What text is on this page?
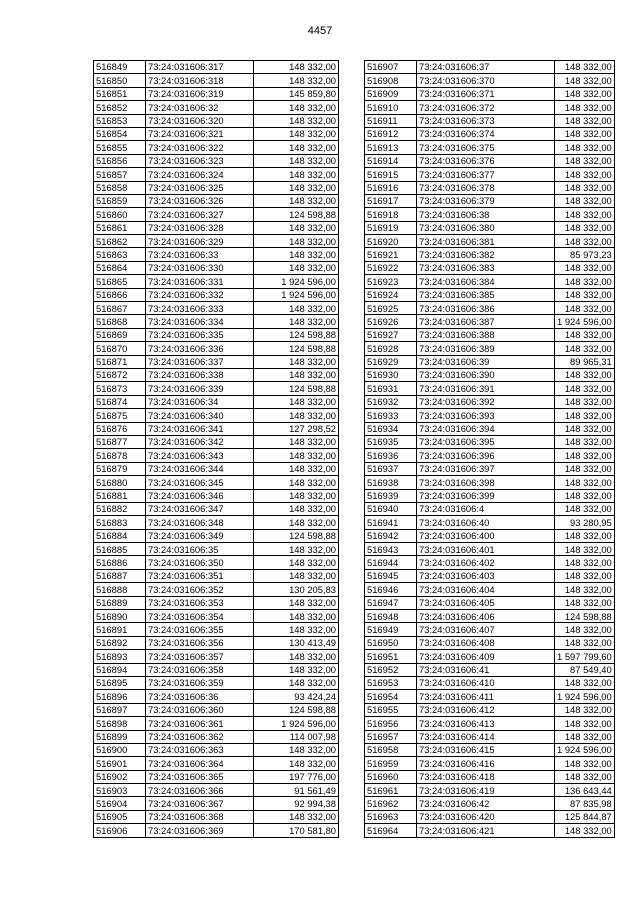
4457
516849	73:24:031606:317	148 332,00
516850	73:24:031606:318	148 332,00
516851	73:24:031606:319	145 859,80
516852	73:24:031606:32	148 332,00
516853	73:24:031606:320	148 332,00
516854	73:24:031606:321	148 332,00
516855	73:24:031606:322	148 332,00
516856	73:24:031606:323	148 332,00
516857	73:24:031606:324	148 332,00
516858	73:24:031606:325	148 332,00
516859	73:24:031606:326	148 332,00
516860	73:24:031606:327	124 598,88
516861	73:24:031606:328	148 332,00
516862	73:24:031606:329	148 332,00
516863	73:24:031606:33	148 332,00
516864	73:24:031606:330	148 332,00
516865	73:24:031606:331	1 924 596,00
516866	73:24:031606:332	1 924 596,00
516867	73:24:031606:333	148 332,00
516868	73:24:031606:334	148 332,00
516869	73:24:031606:335	124 598,88
516870	73:24:031606:336	124 598,88
516871	73:24:031606:337	148 332,00
516872	73:24:031606:338	148 332,00
516873	73:24:031606:339	124 598,88
516874	73:24:031606:34	148 332,00
516875	73:24:031606:340	148 332,00
516876	73:24:031606:341	127 298,52
516877	73:24:031606:342	148 332,00
516878	73:24:031606:343	148 332,00
516879	73:24:031606:344	148 332,00
516880	73:24:031606:345	148 332,00
516881	73:24:031606:346	148 332,00
516882	73:24:031606:347	148 332,00
516883	73:24:031606:348	148 332,00
516884	73:24:031606:349	124 598,88
516885	73:24:031606:35	148 332,00
516886	73:24:031606:350	148 332,00
516887	73:24:031606:351	148 332,00
516888	73:24:031606:352	130 205,83
516889	73:24:031606:353	148 332,00
516890	73:24:031606:354	148 332,00
516891	73:24:031606:355	148 332,00
516892	73:24:031606:356	130 413,49
516893	73:24:031606:357	148 332,00
516894	73:24:031606:358	148 332,00
516895	73:24:031606:359	148 332,00
516896	73:24:031606:36	93 424,24
516897	73:24:031606:360	124 598,88
516898	73:24:031606:361	1 924 596,00
516899	73:24:031606:362	114 007,98
516900	73:24:031606:363	148 332,00
516901	73:24:031606:364	148 332,00
516902	73:24:031606:365	197 776,00
516903	73:24:031606:366	91 561,49
516904	73:24:031606:367	92 994,38
516905	73:24:031606:368	148 332,00
516906	73:24:031606:369	170 581,80
516907	73:24:031606:37	148 332,00
516908	73:24:031606:370	148 332,00
516909	73:24:031606:371	148 332,00
516910	73:24:031606:372	148 332,00
516911	73:24:031606:373	148 332,00
516912	73:24:031606:374	148 332,00
516913	73:24:031606:375	148 332,00
516914	73:24:031606:376	148 332,00
516915	73:24:031606:377	148 332,00
516916	73:24:031606:378	148 332,00
516917	73:24:031606:379	148 332,00
516918	73:24:031606:38	148 332,00
516919	73:24:031606:380	148 332,00
516920	73:24:031606:381	148 332,00
516921	73:24:031606:382	85 973,23
516922	73:24:031606:383	148 332,00
516923	73:24:031606:384	148 332,00
516924	73:24:031606:385	148 332,00
516925	73:24:031606:386	148 332,00
516926	73:24:031606:387	1 924 596,00
516927	73:24:031606:388	148 332,00
516928	73:24:031606:389	148 332,00
516929	73:24:031606:39	89 965,31
516930	73:24:031606:390	148 332,00
516931	73:24:031606:391	148 332,00
516932	73:24:031606:392	148 332,00
516933	73:24:031606:393	148 332,00
516934	73:24:031606:394	148 332,00
516935	73:24:031606:395	148 332,00
516936	73:24:031606:396	148 332,00
516937	73:24:031606:397	148 332,00
516938	73:24:031606:398	148 332,00
516939	73:24:031606:399	148 332,00
516940	73:24:031606:4	148 332,00
516941	73:24:031606:40	93 280,95
516942	73:24:031606:400	148 332,00
516943	73:24:031606:401	148 332,00
516944	73:24:031606:402	148 332,00
516945	73:24:031606:403	148 332,00
516946	73:24:031606:404	148 332,00
516947	73:24:031606:405	148 332,00
516948	73:24:031606:406	124 598,88
516949	73:24:031606:407	148 332,00
516950	73:24:031606:408	148 332,00
516951	73:24:031606:409	1 597 799,60
516952	73:24:031606:41	87 549,40
516953	73:24:031606:410	148 332,00
516954	73:24:031606:411	1 924 596,00
516955	73:24:031606:412	148 332,00
516956	73:24:031606:413	148 332,00
516957	73:24:031606:414	148 332,00
516958	73:24:031606:415	1 924 596,00
516959	73:24:031606:416	148 332,00
516960	73:24:031606:418	148 332,00
516961	73:24:031606:419	136 643,44
516962	73:24:031606:42	87 835,98
516963	73:24:031606:420	125 844,87
516964	73:24:031606:421	148 332,00
